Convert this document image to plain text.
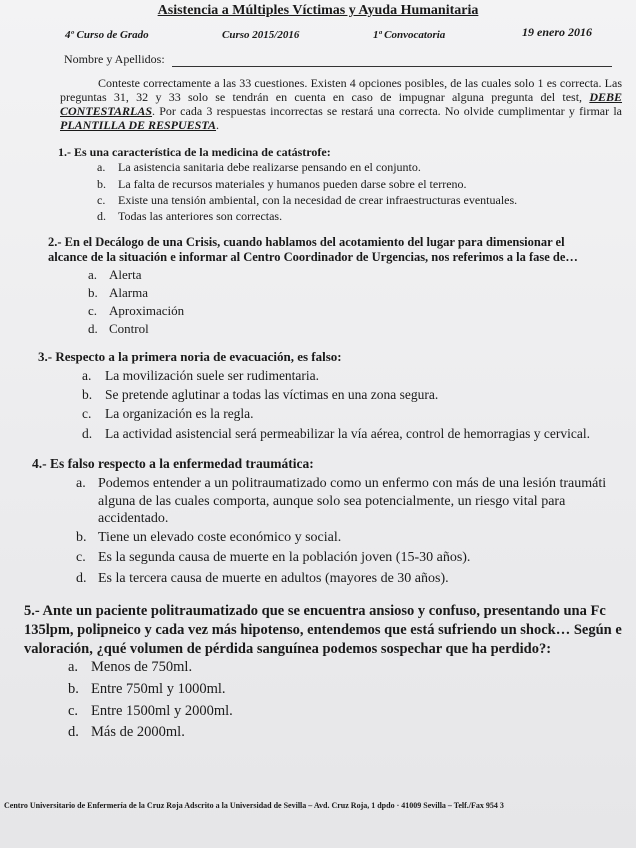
Asistencia a Múltiples Víctimas y Ayuda Humanitaria
4º Curso de Grado	Curso 2015/2016	1ª Convocatoria	19 enero 2016
Nombre y Apellidos:
Conteste correctamente a las 33 cuestiones. Existen 4 opciones posibles, de las cuales solo 1 es correcta. Las preguntas 31, 32 y 33 solo se tendrán en cuenta en caso de impugnar alguna pregunta del test, DEBE CONTESTARLAS. Por cada 3 respuestas incorrectas se restará una correcta. No olvide cumplimentar y firmar la PLANTILLA DE RESPUESTA.
1.- Es una característica de la medicina de catástrofe:
a. La asistencia sanitaria debe realizarse pensando en el conjunto.
b. La falta de recursos materiales y humanos pueden darse sobre el terreno.
c. Existe una tensión ambiental, con la necesidad de crear infraestructuras eventuales.
d. Todas las anteriores son correctas.
2.- En el Decálogo de una Crisis, cuando hablamos del acotamiento del lugar para dimensionar el
alcance de la situación e informar al Centro Coordinador de Urgencias, nos referimos a la fase de…
a. Alerta
b. Alarma
c. Aproximación
d. Control
3.- Respecto a la primera noria de evacuación, es falso:
a. La movilización suele ser rudimentaria.
b. Se pretende aglutinar a todas las víctimas en una zona segura.
c. La organización es la regla.
d. La actividad asistencial será permeabilizar la vía aérea, control de hemorragias y cervical.
4.- Es falso respecto a la enfermedad traumática:
a. Podemos entender a un politraumatizado como un enfermo con más de una lesión traumáti
alguna de las cuales comporta, aunque solo sea potencialmente, un riesgo vital para
accidentado.
b. Tiene un elevado coste económico y social.
c. Es la segunda causa de muerte en la población joven (15-30 años).
d. Es la tercera causa de muerte en adultos (mayores de 30 años).
5.- Ante un paciente politraumatizado que se encuentra ansioso y confuso, presentando una Fc
135lpm, polipneico y cada vez más hipotenso, entendemos que está sufriendo un shock… Según e
valoración, ¿qué volumen de pérdida sanguínea podemos sospechar que ha perdido?:
a. Menos de 750ml.
b. Entre 750ml y 1000ml.
c. Entre 1500ml y 2000ml.
d. Más de 2000ml.
Centro Universitario de Enfermería de la Cruz Roja Adscrito a la Universidad de Sevilla – Avd. Cruz Roja, 1 dpdo · 41009 Sevilla – Telf./Fax 954 3
